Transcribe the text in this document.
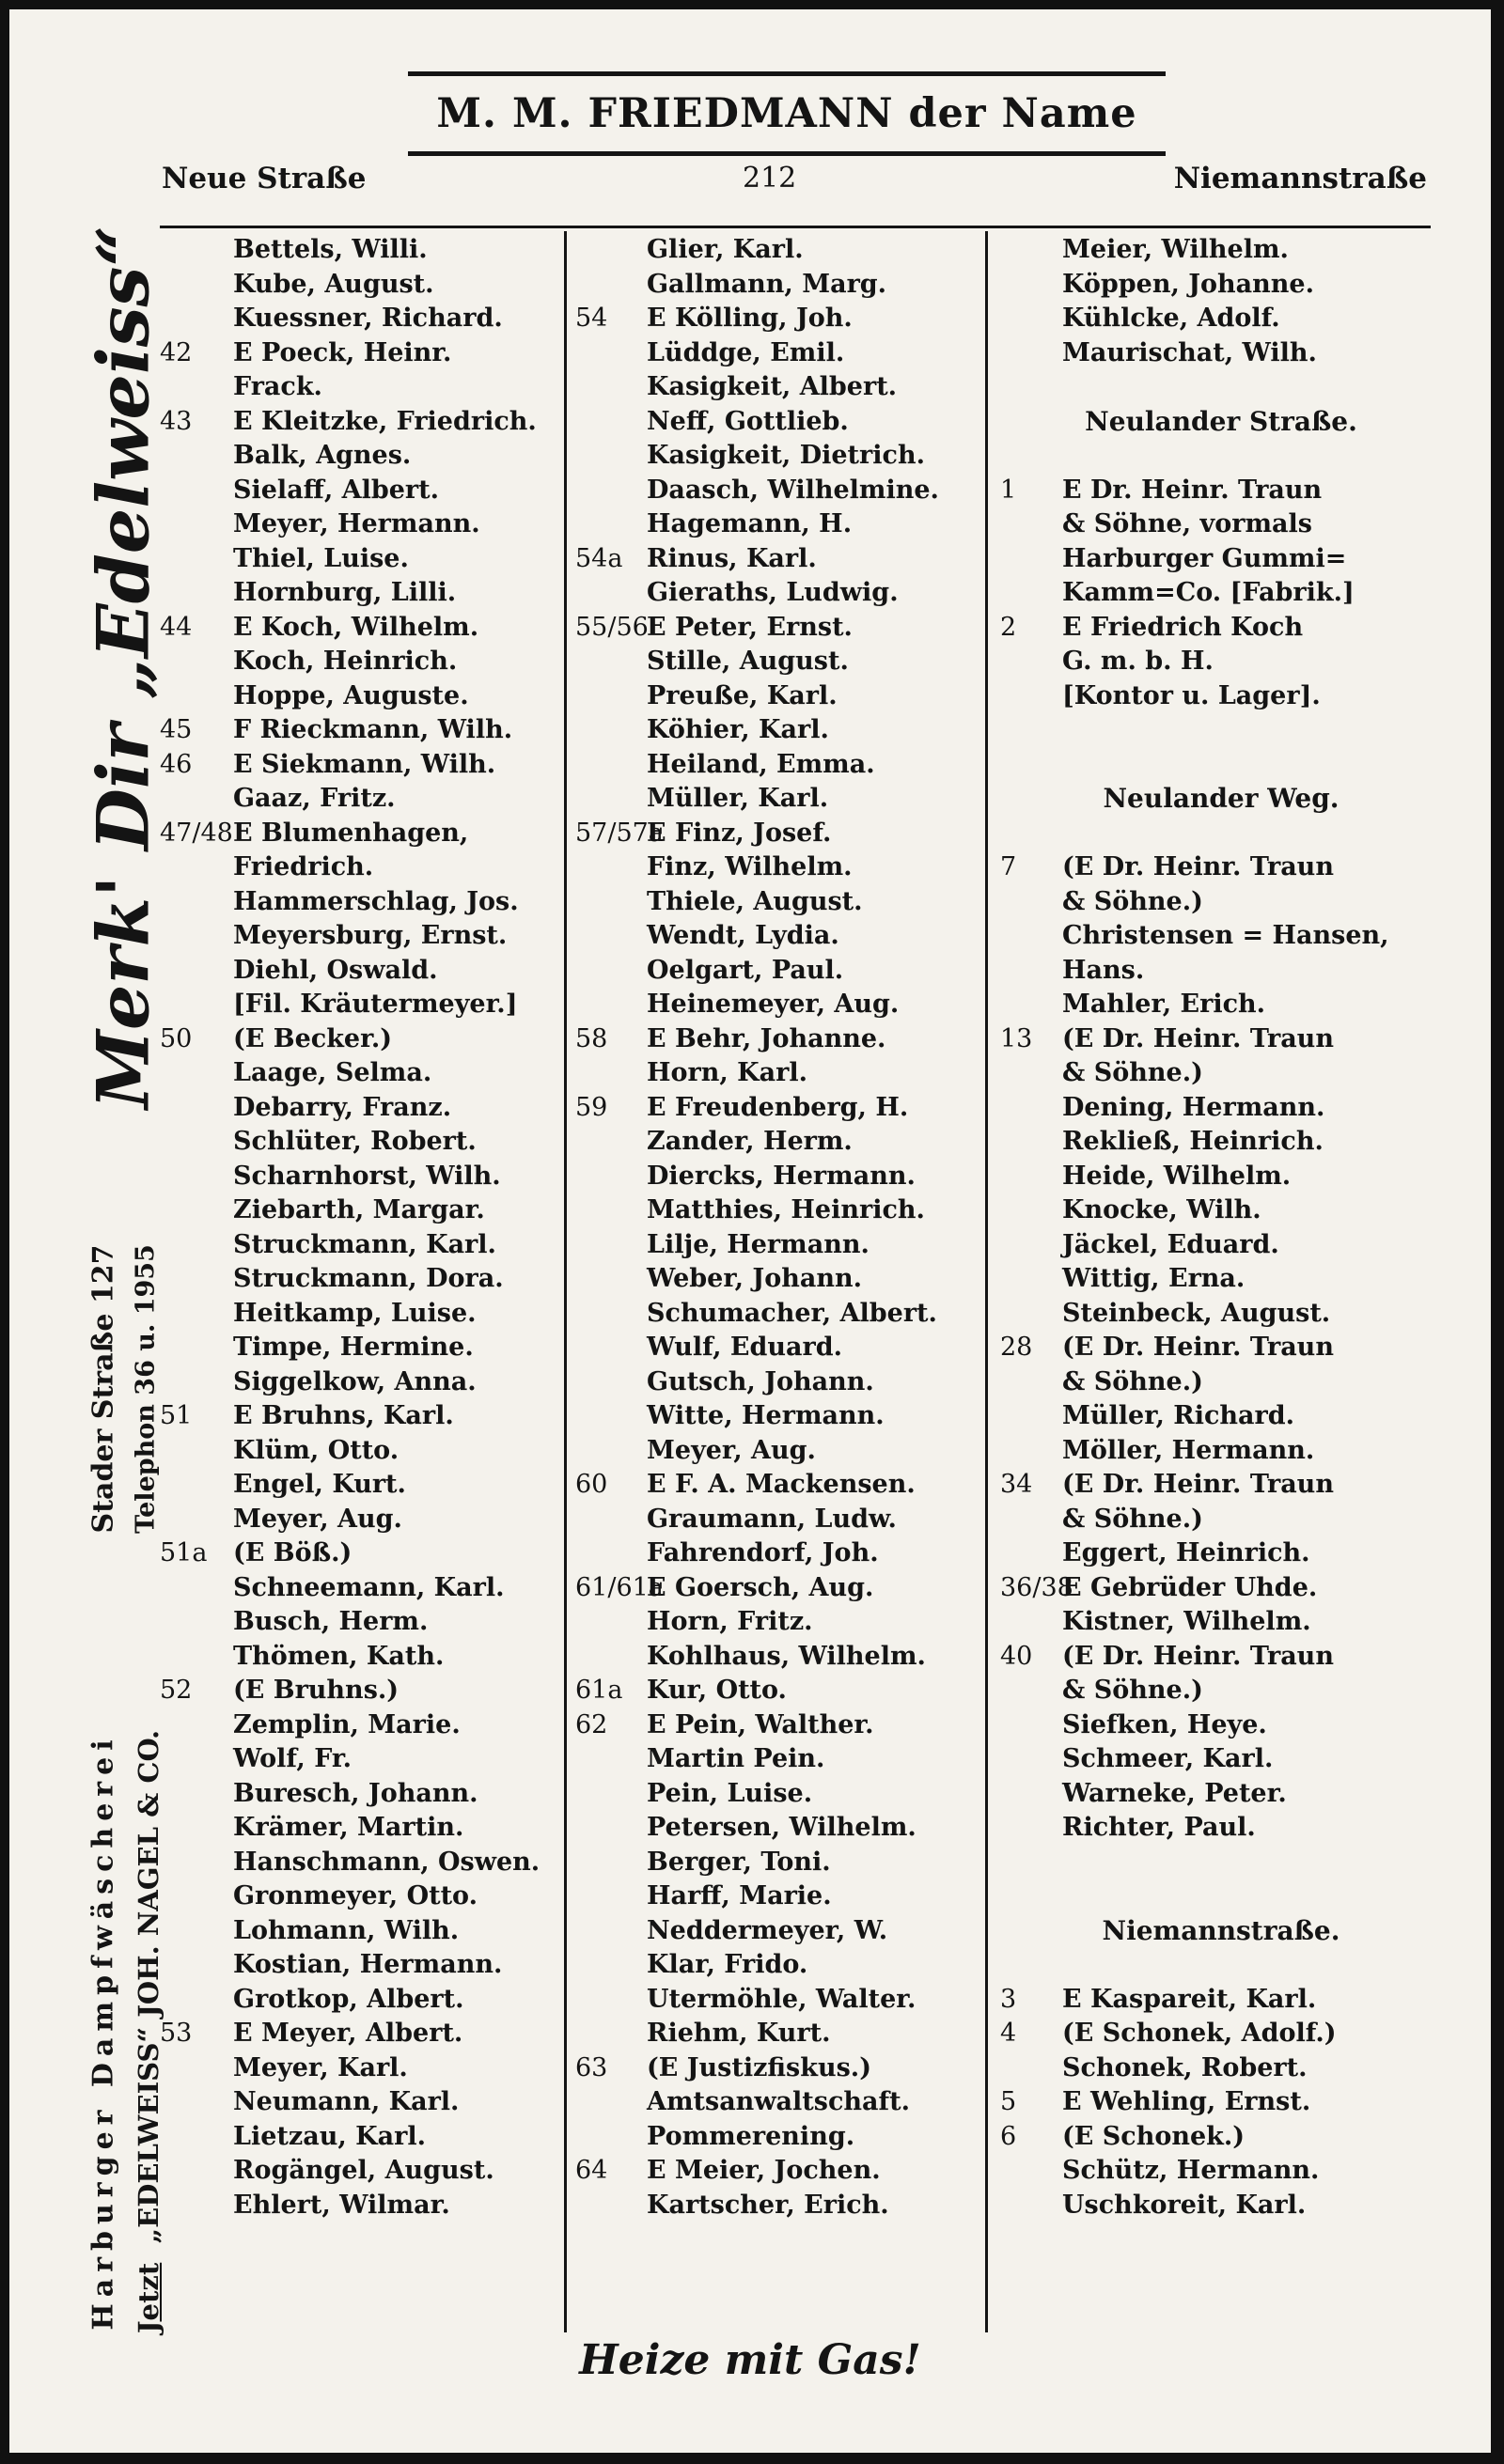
M. M. FRIEDMANN der Name
Neue Straße	212	Niemannstraße
Merk' Dir „Edelweiss“
Stader Straße 127 Telephon 36 u. 1955
Harburger Dampfwäscherei Jetzt  „EDELWEISS“ JOH. NAGEL & CO.
Bettels, Willi.
Kube, August.
Kuessner, Richard.
42 E Poeck, Heinr.
Frack.
43 E Kleitzke, Friedrich.
Balk, Agnes.
Sielaff, Albert.
Meyer, Hermann.
Thiel, Luise.
Hornburg, Lilli.
44 E Koch, Wilhelm.
Koch, Heinrich.
Hoppe, Auguste.
45 F Rieckmann, Wilh.
46 E Siekmann, Wilh.
Gaaz, Fritz.
47/48 E Blumenhagen,
Friedrich.
Hammerschlag, Jos.
Meyersburg, Ernst.
Diehl, Oswald.
[Fil. Kräutermeyer.]
50 (E Becker.)
Laage, Selma.
Debarry, Franz.
Schlüter, Robert.
Scharnhorst, Wilh.
Ziebarth, Margar.
Struckmann, Karl.
Struckmann, Dora.
Heitkamp, Luise.
Timpe, Hermine.
Siggelkow, Anna.
51 E Bruhns, Karl.
Klüm, Otto.
Engel, Kurt.
Meyer, Aug.
51a (E Böß.)
Schneemann, Karl.
Busch, Herm.
Thömen, Kath.
52 (E Bruhns.)
Zemplin, Marie.
Wolf, Fr.
Buresch, Johann.
Krämer, Martin.
Hanschmann, Oswen.
Gronmeyer, Otto.
Lohmann, Wilh.
Kostian, Hermann.
Grotkop, Albert.
53 E Meyer, Albert.
Meyer, Karl.
Neumann, Karl.
Lietzau, Karl.
Rogängel, August.
Ehlert, Wilmar.
Glier, Karl.
Gallmann, Marg.
54 E Kölling, Joh.
Lüddge, Emil.
Kasigkeit, Albert.
Neff, Gottlieb.
Kasigkeit, Dietrich.
Daasch, Wilhelmine.
Hagemann, H.
54a Rinus, Karl.
Gieraths, Ludwig.
55/56
E Peter, Ernst.
Stille, August.
Preuße, Karl.
Köhier, Karl.
Heiland, Emma.
Müller, Karl.
57/57a
E Finz, Josef.
Finz, Wilhelm.
Thiele, August.
Wendt, Lydia.
Oelgart, Paul.
Heinemeyer, Aug.
58 E Behr, Johanne.
Horn, Karl.
59 E Freudenberg, H.
Zander, Herm.
Diercks, Hermann.
Matthies, Heinrich.
Lilje, Hermann.
Weber, Johann.
Schumacher, Albert.
Wulf, Eduard.
Gutsch, Johann.
Witte, Hermann.
Meyer, Aug.
60 E F. A. Mackensen.
Graumann, Ludw.
Fahrendorf, Joh.
61/61a
E Goersch, Aug.
Horn, Fritz.
Kohlhaus, Wilhelm.
61a Kur, Otto.
62 E Pein, Walther.
Martin Pein.
Pein, Luise.
Petersen, Wilhelm.
Berger, Toni.
Harff, Marie.
Neddermeyer, W.
Klar, Frido.
Utermöhle, Walter.
Riehm, Kurt.
63 (E Justizfiskus.)
Amtsanwaltschaft.
Pommerening.
64 E Meier, Jochen.
Kartscher, Erich.
Meier, Wilhelm.
Köppen, Johanne.
Kühlcke, Adolf.
Maurischat, Wilh.
Neulander Straße.
1 E Dr. Heinr. Traun
& Söhne, vormals
Harburger Gummi=
Kamm=Co. [Fabrik.]
2 E Friedrich Koch
G. m. b. H.
[Kontor u. Lager].
Neulander Weg.
7 (E Dr. Heinr. Traun
& Söhne.)
Christensen = Hansen,
Hans.
Mahler, Erich.
13 (E Dr. Heinr. Traun
& Söhne.)
Dening, Hermann.
Rekließ, Heinrich.
Heide, Wilhelm.
Knocke, Wilh.
Jäckel, Eduard.
Wittig, Erna.
Steinbeck, August.
28 (E Dr. Heinr. Traun
& Söhne.)
Müller, Richard.
Möller, Hermann.
34 (E Dr. Heinr. Traun
& Söhne.)
Eggert, Heinrich.
36/38
E Gebrüder Uhde.
Kistner, Wilhelm.
40 (E Dr. Heinr. Traun
& Söhne.)
Siefken, Heye.
Schmeer, Karl.
Warneke, Peter.
Richter, Paul.
Niemannstraße.
3 E Kaspareit, Karl.
4 (E Schonek, Adolf.)
Schonek, Robert.
5 E Wehling, Ernst.
6 (E Schonek.)
Schütz, Hermann.
Uschkoreit, Karl.
Heize mit Gas!
